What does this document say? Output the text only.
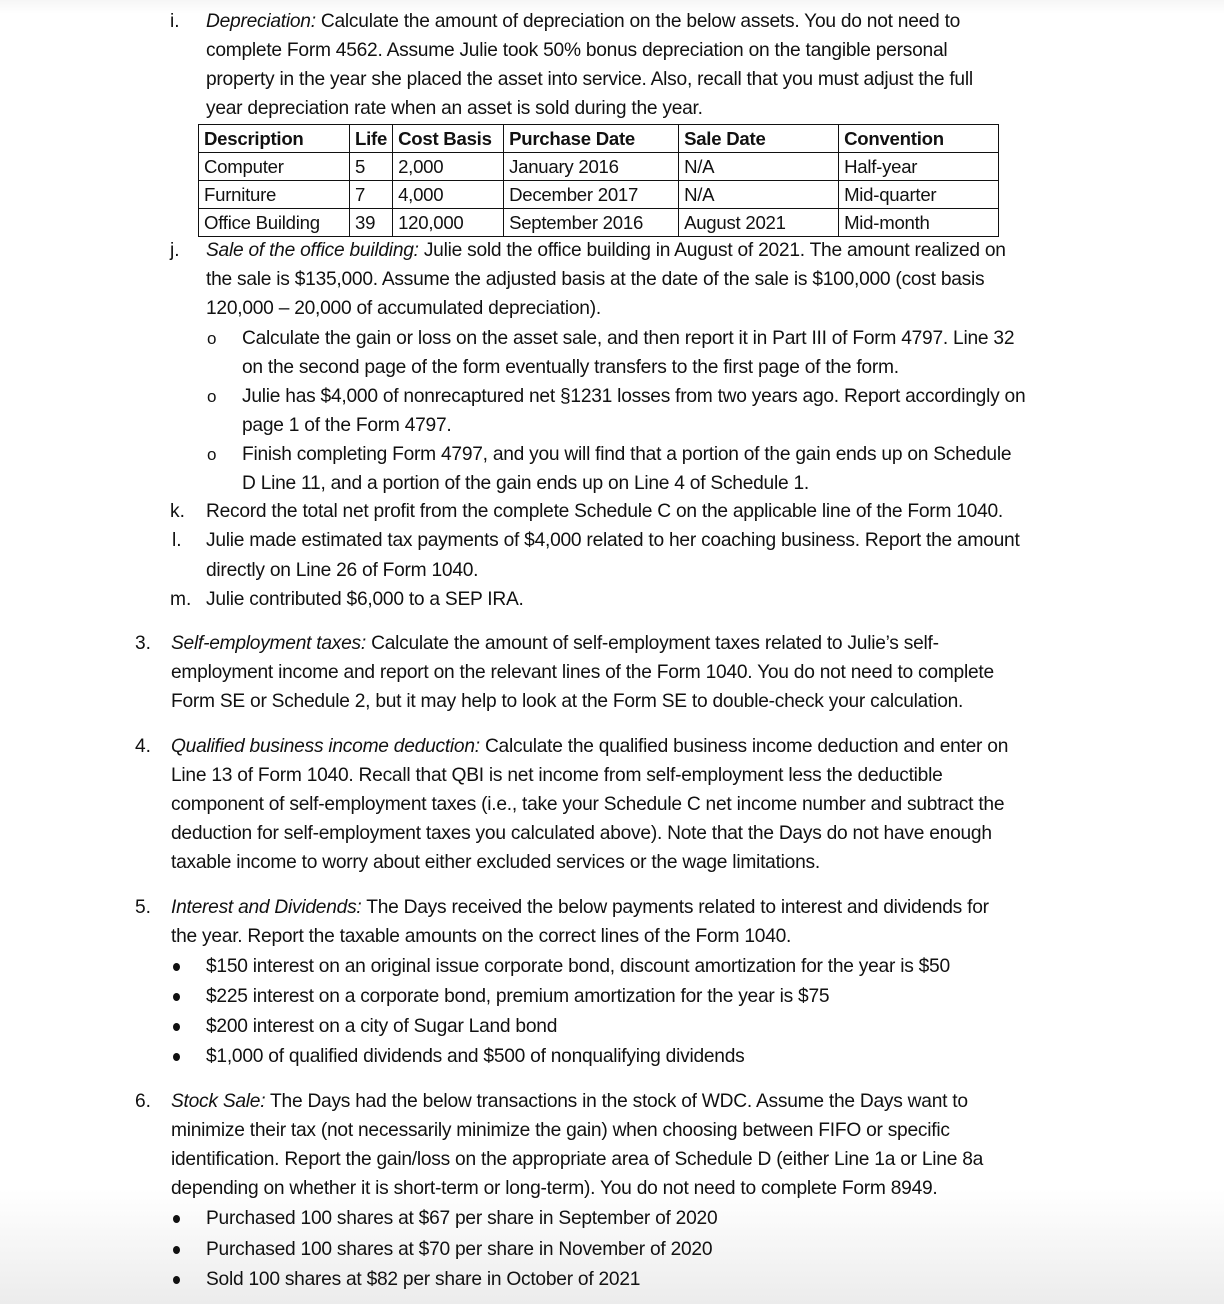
i. Depreciation: Calculate the amount of depreciation on the below assets. You do not need to
complete Form 4562. Assume Julie took 50% bonus depreciation on the tangible personal
property in the year she placed the asset into service. Also, recall that you must adjust the full
year depreciation rate when an asset is sold during the year.
Description	Life	Cost Basis	Purchase Date	Sale Date	Convention
Computer	5	2,000	January 2016	N/A	Half-year
Furniture	7	4,000	December 2017	N/A	Mid-quarter
Office Building	39	120,000	September 2016	August 2021	Mid-month
j. Sale of the office building: Julie sold the office building in August of 2021. The amount realized on
the sale is $135,000. Assume the adjusted basis at the date of the sale is $100,000 (cost basis
120,000 – 20,000 of accumulated depreciation).
o Calculate the gain or loss on the asset sale, and then report it in Part III of Form 4797. Line 32
on the second page of the form eventually transfers to the first page of the form.
o Julie has $4,000 of nonrecaptured net §1231 losses from two years ago. Report accordingly on
page 1 of the Form 4797.
o Finish completing Form 4797, and you will find that a portion of the gain ends up on Schedule
D Line 11, and a portion of the gain ends up on Line 4 of Schedule 1.
k. Record the total net profit from the complete Schedule C on the applicable line of the Form 1040.
l. Julie made estimated tax payments of $4,000 related to her coaching business. Report the amount
directly on Line 26 of Form 1040.
m. Julie contributed $6,000 to a SEP IRA.
3. Self-employment taxes: Calculate the amount of self-employment taxes related to Julie’s self-
employment income and report on the relevant lines of the Form 1040. You do not need to complete
Form SE or Schedule 2, but it may help to look at the Form SE to double-check your calculation.
4. Qualified business income deduction: Calculate the qualified business income deduction and enter on
Line 13 of Form 1040. Recall that QBI is net income from self-employment less the deductible
component of self-employment taxes (i.e., take your Schedule C net income number and subtract the
deduction for self-employment taxes you calculated above). Note that the Days do not have enough
taxable income to worry about either excluded services or the wage limitations.
5. Interest and Dividends: The Days received the below payments related to interest and dividends for
the year. Report the taxable amounts on the correct lines of the Form 1040.
$150 interest on an original issue corporate bond, discount amortization for the year is $50
$225 interest on a corporate bond, premium amortization for the year is $75
$200 interest on a city of Sugar Land bond
$1,000 of qualified dividends and $500 of nonqualifying dividends
6. Stock Sale: The Days had the below transactions in the stock of WDC. Assume the Days want to
minimize their tax (not necessarily minimize the gain) when choosing between FIFO or specific
identification. Report the gain/loss on the appropriate area of Schedule D (either Line 1a or Line 8a
depending on whether it is short-term or long-term). You do not need to complete Form 8949.
Purchased 100 shares at $67 per share in September of 2020
Purchased 100 shares at $70 per share in November of 2020
Sold 100 shares at $82 per share in October of 2021
